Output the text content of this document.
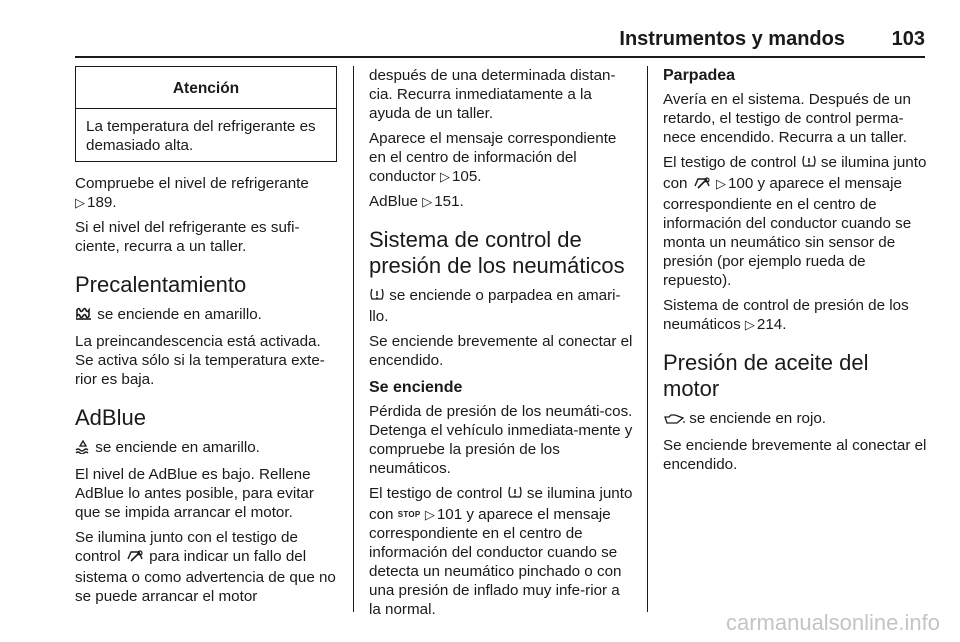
Instrumentos y mandos 103
Atención
La temperatura del refrigerante es demasiado alta.

Compruebe el nivel de refrigerante
▷ 189.

Si el nivel del refrigerante es sufi-ciente, recurra a un taller.

Precalentamiento

se enciende en amarillo.

La preincandescencia está activada. Se activa sólo si la temperatura exte-rior es baja.

AdBlue

se enciende en amarillo.

El nivel de AdBlue es bajo. Rellene AdBlue lo antes posible, para evitar que se impida arrancar el motor.

Se ilumina junto con el testigo de control para indicar un fallo del sistema o como advertencia de que no se puede arrancar el motor

después de una determinada distan-cia. Recurra inmediatamente a la ayuda de un taller.

Aparece el mensaje correspondiente en el centro de información del conductor ▷ 105.

AdBlue ▷ 151.

Sistema de control de presión de los neumáticos

se enciende o parpadea en amari-llo.

Se enciende brevemente al conectar el encendido.

Se enciende

Pérdida de presión de los neumáti-cos. Detenga el vehículo inmediata-mente y compruebe la presión de los neumáticos.

El testigo de control se ilumina junto con STOP ▷ 101 y aparece el mensaje correspondiente en el centro de información del conductor cuando se detecta un neumático pinchado o con una presión de inflado muy infe-rior a la normal.

Parpadea

Avería en el sistema. Después de un retardo, el testigo de control perma-nece encendido. Recurra a un taller.

El testigo de control se ilumina junto con ▷ 100 y aparece el mensaje correspondiente en el centro de información del conductor cuando se monta un neumático sin sensor de presión (por ejemplo rueda de repuesto).

Sistema de control de presión de los neumáticos ▷ 214.

Presión de aceite del motor

se enciende en rojo.

Se enciende brevemente al conectar el encendido.

carmanualsonline.info
